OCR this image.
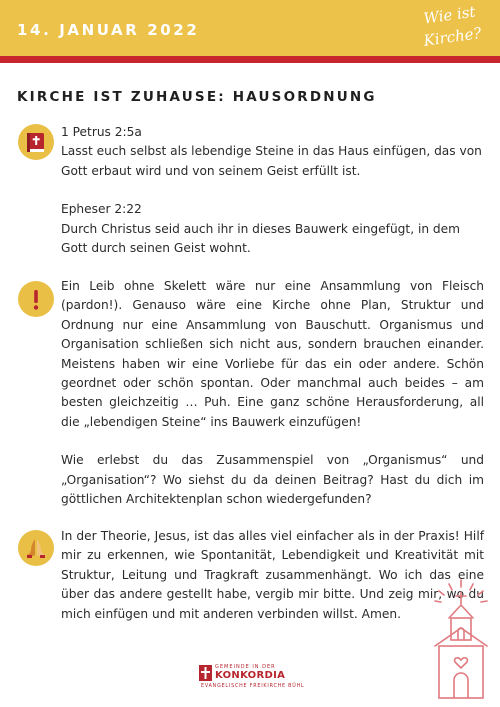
14. JANUAR 2022
Wie ist
Kirche?
KIRCHE IST ZUHAUSE: HAUSORDNUNG

1 Petrus 2:5a

Lasst euch selbst als lebendige Steine in das Haus einfügen, das von Gott erbaut wird und von seinem Geist erfüllt ist.

Epheser 2:22

Durch Christus seid auch ihr in dieses Bauwerk eingefügt, in dem Gott durch seinen Geist wohnt.

Ein Leib ohne Skelett wäre nur eine Ansammlung von Fleisch (pardon!). Genauso wäre eine Kirche ohne Plan, Struktur und Ordnung nur eine Ansammlung von Bauschutt. Organismus und Organisation schließen sich nicht aus, sondern brauchen einander. Meistens haben wir eine Vorliebe für das ein oder andere. Schön geordnet oder schön spontan. Oder manchmal auch beides – am besten gleichzeitig … Puh. Eine ganz schöne Herausforderung, all die „lebendigen Steine“ ins Bauwerk einzufügen!

Wie erlebst du das Zusammenspiel von „Organismus“ und „Organisation“? Wo siehst du da deinen Beitrag? Hast du dich im göttlichen Architektenplan schon wiedergefunden?

In der Theorie, Jesus, ist das alles viel einfacher als in der Praxis! Hilf mir zu erkennen, wie Spontanität, Lebendigkeit und Kreativität mit Struktur, Leitung und Tragkraft zusammenhängt. Wo ich das eine über das andere gestellt habe, vergib mir bitte. Und zeig mir, wo du mich einfügen und mit anderen verbinden willst. Amen.

GEMEINDE IN DER
KONKORDIA
EVANGELISCHE FREIKIRCHE BÜHL
